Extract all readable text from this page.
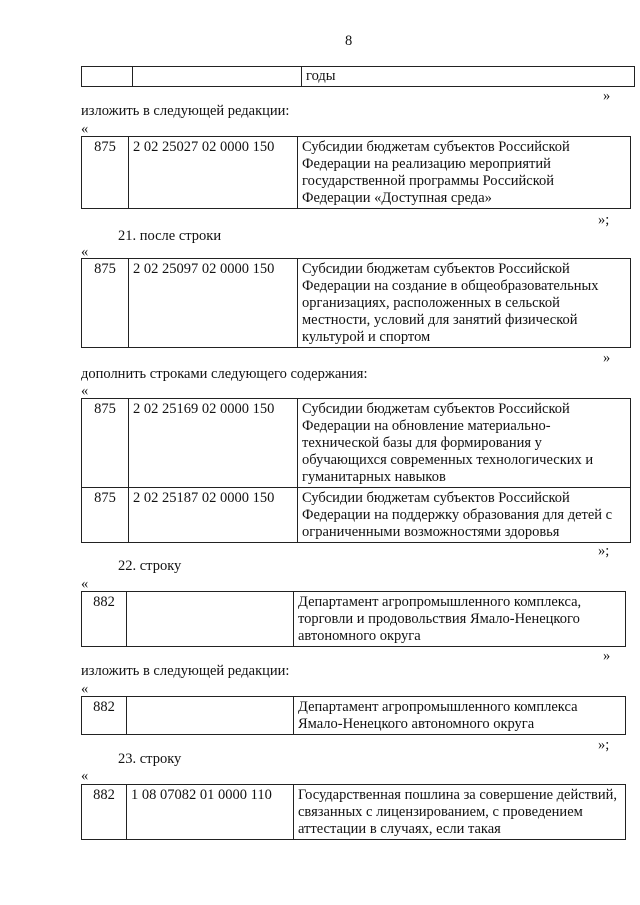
8
		годы
»
изложить в следующей редакции:
«
875	2 02 25027 02 0000 150	Субсидии бюджетам субъектов Российской Федерации на реализацию мероприятий государственной программы Российской Федерации «Доступная среда»
»;
21. после строки
«
875	2 02 25097 02 0000 150	Субсидии бюджетам субъектов Российской Федерации на создание в общеобразовательных организациях, расположенных в сельской местности, условий для занятий физической культурой и спортом
»
дополнить строками следующего содержания:
«
875	2 02 25169 02 0000 150	Субсидии бюджетам субъектов Российской Федерации на обновление материально-технической базы для формирования у обучающихся современных технологических и гуманитарных навыков
875	2 02 25187 02 0000 150	Субсидии бюджетам субъектов Российской Федерации на поддержку образования для детей с ограниченными возможностями здоровья
»;
22. строку
«
882		Департамент агропромышленного комплекса, торговли и продовольствия Ямало-Ненецкого автономного округа
»
изложить в следующей редакции:
«
882		Департамент агропромышленного комплекса Ямало-Ненецкого автономного округа
»;
23. строку
«
882	1 08 07082 01 0000 110	Государственная пошлина за совершение действий, связанных с лицензированием, с проведением аттестации в случаях, если такая
